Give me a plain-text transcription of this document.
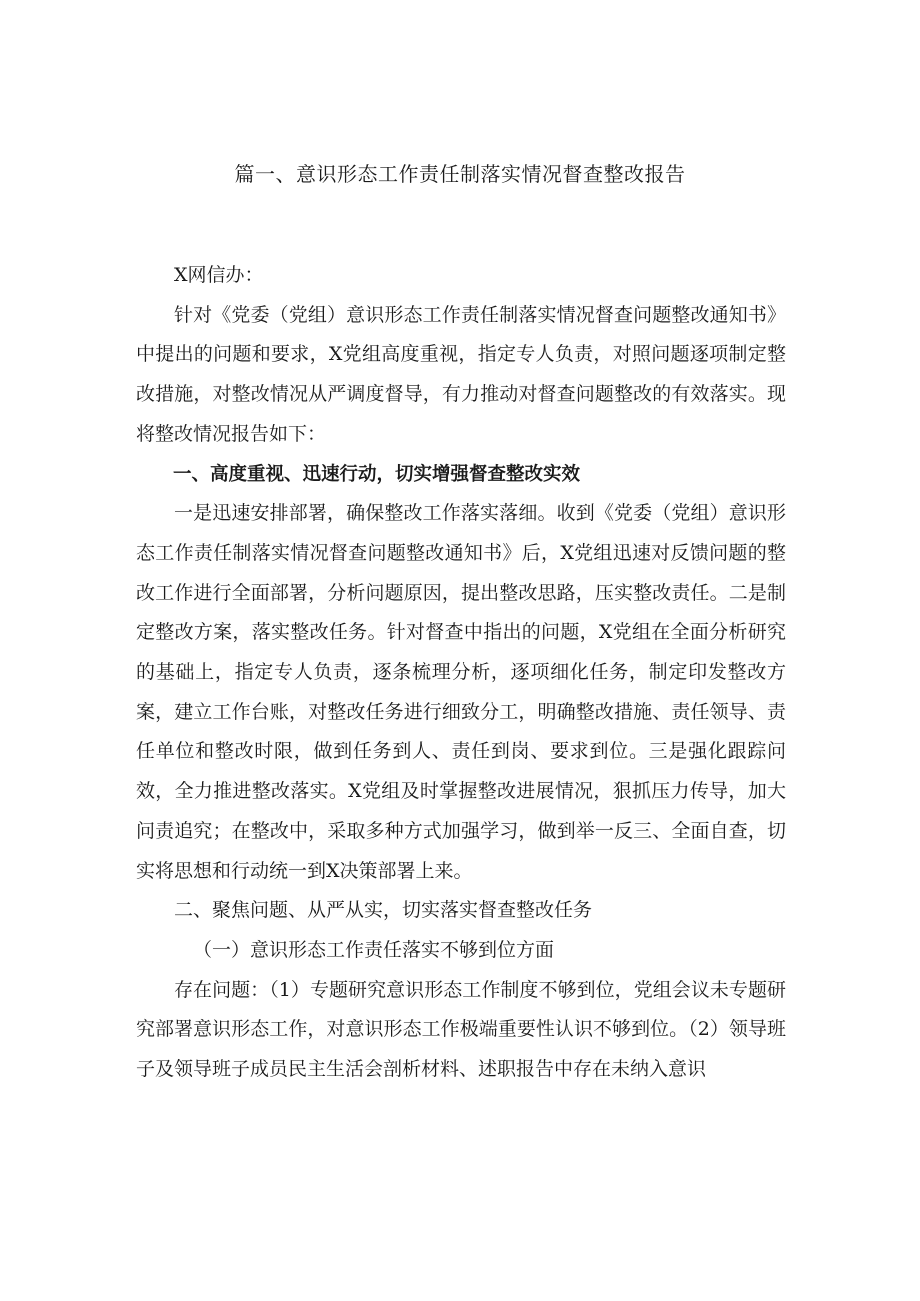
篇一、意识形态工作责任制落实情况督查整改报告

X网信办：

针对《党委（党组）意识形态工作责任制落实情况督查问题整改通知书》中提出的问题和要求，X党组高度重视，指定专人负责，对照问题逐项制定整改措施，对整改情况从严调度督导，有力推动对督查问题整改的有效落实。现将整改情况报告如下：

一、高度重视、迅速行动，切实增强督查整改实效

一是迅速安排部署，确保整改工作落实落细。收到《党委（党组）意识形态工作责任制落实情况督查问题整改通知书》后，X党组迅速对反馈问题的整改工作进行全面部署，分析问题原因，提出整改思路，压实整改责任。二是制定整改方案，落实整改任务。针对督查中指出的问题，X党组在全面分析研究的基础上，指定专人负责，逐条梳理分析，逐项细化任务，制定印发整改方案，建立工作台账，对整改任务进行细致分工，明确整改措施、责任领导、责任单位和整改时限，做到任务到人、责任到岗、要求到位。三是强化跟踪问效，全力推进整改落实。X党组及时掌握整改进展情况，狠抓压力传导，加大问责追究；在整改中，采取多种方式加强学习，做到举一反三、全面自查，切实将思想和行动统一到X决策部署上来。

二、聚焦问题、从严从实，切实落实督查整改任务

（一）意识形态工作责任落实不够到位方面

存在问题：（1）专题研究意识形态工作制度不够到位，党组会议未专题研究部署意识形态工作，对意识形态工作极端重要性认识不够到位。（2）领导班子及领导班子成员民主生活会剖析材料、述职报告中存在未纳入意识
